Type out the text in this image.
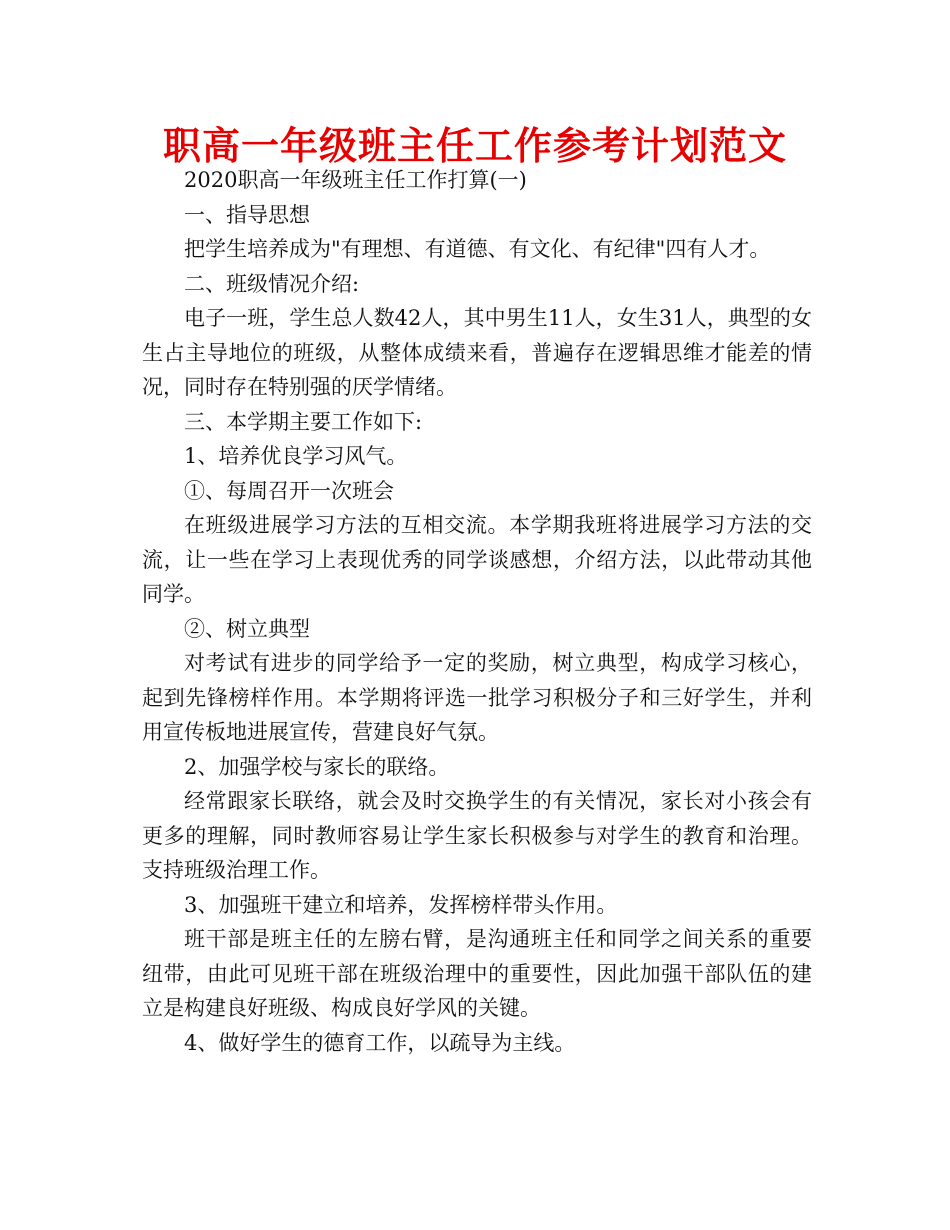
职高一年级班主任工作参考计划范文

2020职高一年级班主任工作打算(一)

一、指导思想

把学生培养成为"有理想、有道德、有文化、有纪律"四有人才。

二、班级情况介绍:

电子一班，学生总人数42人，其中男生11人，女生31人，典型的女生占主导地位的班级，从整体成绩来看，普遍存在逻辑思维才能差的情况，同时存在特别强的厌学情绪。

三、本学期主要工作如下:

1、培养优良学习风气。

①、每周召开一次班会

在班级进展学习方法的互相交流。本学期我班将进展学习方法的交流，让一些在学习上表现优秀的同学谈感想，介绍方法，以此带动其他同学。

②、树立典型

对考试有进步的同学给予一定的奖励，树立典型，构成学习核心，起到先锋榜样作用。本学期将评选一批学习积极分子和三好学生，并利用宣传板地进展宣传，营建良好气氛。

2、加强学校与家长的联络。

经常跟家长联络，就会及时交换学生的有关情况，家长对小孩会有更多的理解，同时教师容易让学生家长积极参与对学生的教育和治理。支持班级治理工作。

3、加强班干建立和培养，发挥榜样带头作用。

班干部是班主任的左膀右臂，是沟通班主任和同学之间关系的重要纽带，由此可见班干部在班级治理中的重要性，因此加强干部队伍的建立是构建良好班级、构成良好学风的关键。

4、做好学生的德育工作，以疏导为主线。
